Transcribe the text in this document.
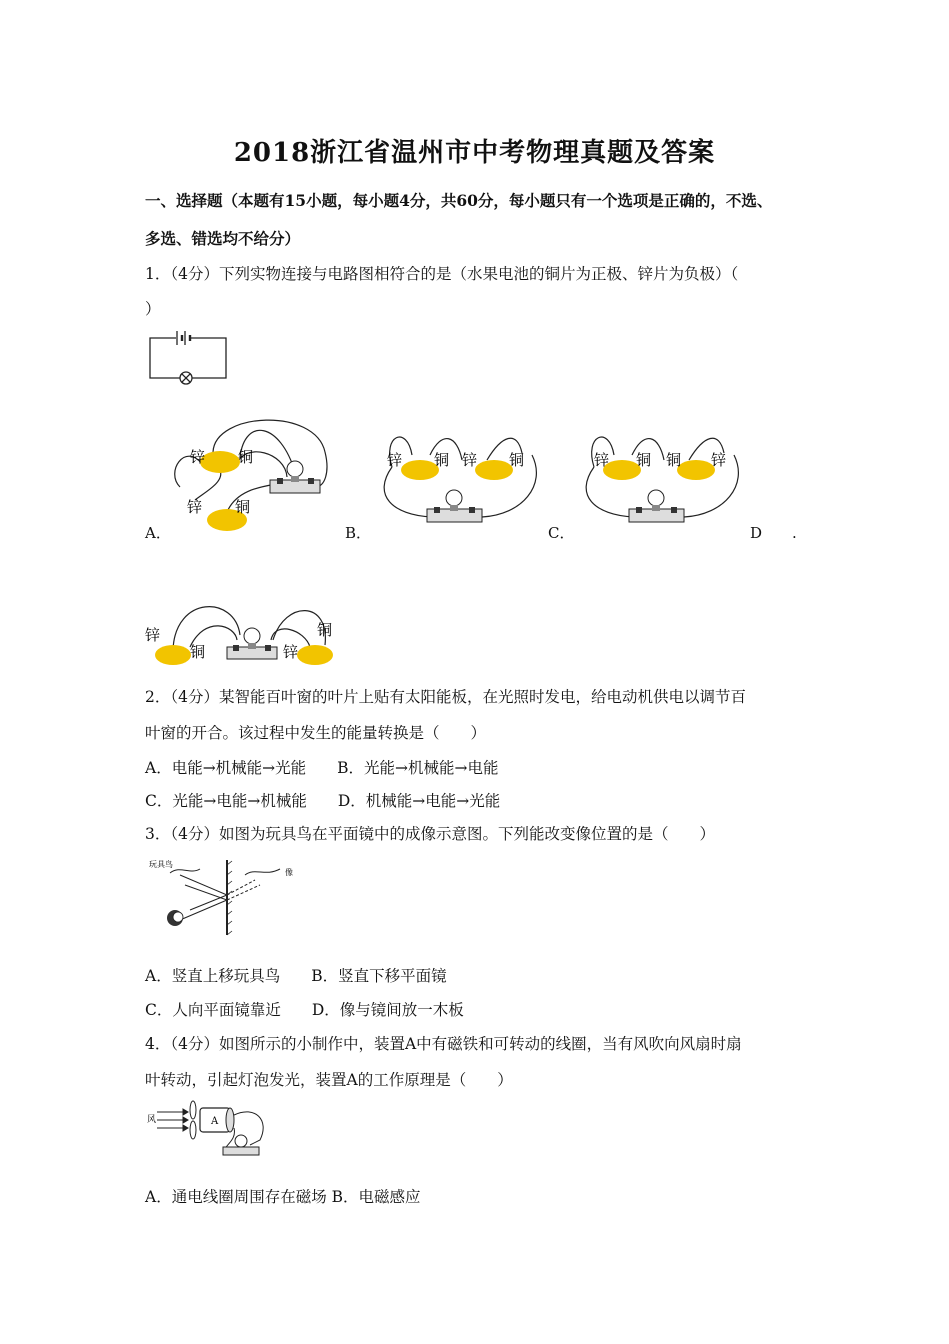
2018浙江省温州市中考物理真题及答案
一、选择题（本题有15小题，每小题4分，共60分，每小题只有一个选项是正确的，不选、
多选、错选均不给分）
1．（4分）下列实物连接与电路图相符合的是（水果电池的铜片为正极、锌片为负极）（
）
锌 铜
锌 铜
A．
锌 铜 锌 铜
B．
锌 铜 铜 锌
C．	D　　.
锌
铜	锌
铜
2．（4分）某智能百叶窗的叶片上贴有太阳能板，在光照时发电，给电动机供电以调节百
叶窗的开合。该过程中发生的能量转换是（　　）
A．电能→机械能→光能　　B．光能→机械能→电能
C．光能→电能→机械能　　D．机械能→电能→光能
3．（4分）如图为玩具鸟在平面镜中的成像示意图。下列能改变像位置的是（　　）
玩具鸟
像
A．竖直上移玩具鸟　　B．竖直下移平面镜
C．人向平面镜靠近　　D．像与镜间放一木板
4．（4分）如图所示的小制作中，装置A中有磁铁和可转动的线圈，当有风吹向风扇时扇
叶转动，引起灯泡发光，装置A的工作原理是（　　）
风	A
A．通电线圈周围存在磁场 B．电磁感应
